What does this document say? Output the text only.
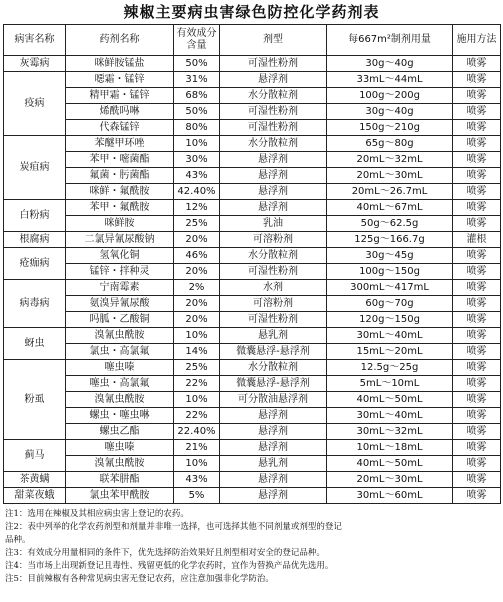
辣椒主要病虫害绿色防控化学药剂表
病害名称	药剂名称	有效成分含量	剂型	每667m²制剂用量	施用方法
灰霉病	咪鲜胺锰盐	50%	可湿性粉剂	30g～40g	喷雾
疫病	噁霜・锰锌	31%	悬浮剂	33mL～44mL	喷雾
	精甲霜・锰锌	68%	水分散粒剂	100g～200g	喷雾
	烯酰吗啉	50%	可湿性粉剂	30g～40g	喷雾
	代森锰锌	80%	可湿性粉剂	150g～210g	喷雾
炭疽病	苯醚甲环唑	10%	水分散粒剂	65g～80g	喷雾
	苯甲・嘧菌酯	30%	悬浮剂	20mL～32mL	喷雾
	氟菌・肟菌酯	43%	悬浮剂	20mL～30mL	喷雾
	咪鲜・氟酰胺	42.40%	悬浮剂	20mL～26.7mL	喷雾
白粉病	苯甲・氟酰胺	12%	悬浮剂	40mL～67mL	喷雾
	咪鲜胺	25%	乳油	50g～62.5g	喷雾
根腐病	二氯异氰尿酸钠	20%	可溶粉剂	125g～166.7g	灌根
疮痂病	氢氧化铜	46%	水分散粒剂	30g～45g	喷雾
	锰锌・拌种灵	20%	可湿性粉剂	100g～150g	喷雾
病毒病	宁南霉素	2%	水剂	300mL～417mL	喷雾
	氨溴异氰尿酸	20%	可溶粉剂	60g～70g	喷雾
	吗胍・乙酸铜	20%	可湿性粉剂	120g～150g	喷雾
蚜虫	溴氰虫酰胺	10%	悬乳剂	30mL～40mL	喷雾
	氯虫・高氯氟	14%	微囊悬浮-悬浮剂	15mL～20mL	喷雾
粉虱	噻虫嗪	25%	水分散粒剂	12.5g～25g	喷雾
	噻虫・高氯氟	22%	微囊悬浮-悬浮剂	5mL～10mL	喷雾
	溴氰虫酰胺	10%	可分散油悬浮剂	40mL～50mL	喷雾
	螺虫・噻虫啉	22%	悬浮剂	30mL～40mL	喷雾
	螺虫乙酯	22.40%	悬浮剂	30mL～32mL	喷雾
蓟马	噻虫嗪	21%	悬浮剂	10mL～18mL	喷雾
	溴氰虫酰胺	10%	悬乳剂	40mL～50mL	喷雾
茶黄螨	联苯肼酯	43%	悬浮剂	20mL～30mL	喷雾
甜菜夜蛾	氯虫苯甲酰胺	5%	悬浮剂	30mL～60mL	喷雾
注1：选用在辣椒及其相应病虫害上登记的农药。
注2：表中列举的化学农药剂型和剂量并非唯一选择，也可选择其他不同剂量或剂型的登记
品种。
注3：有效成分用量相同的条件下，优先选择防治效果好且剂型相对安全的登记品种。
注4：当市场上出现新登记且毒性、残留更低的化学农药时，宜作为替换产品优先选用。
注5：目前辣椒有各种常见病虫害无登记农药，应注意加强非化学防治。
